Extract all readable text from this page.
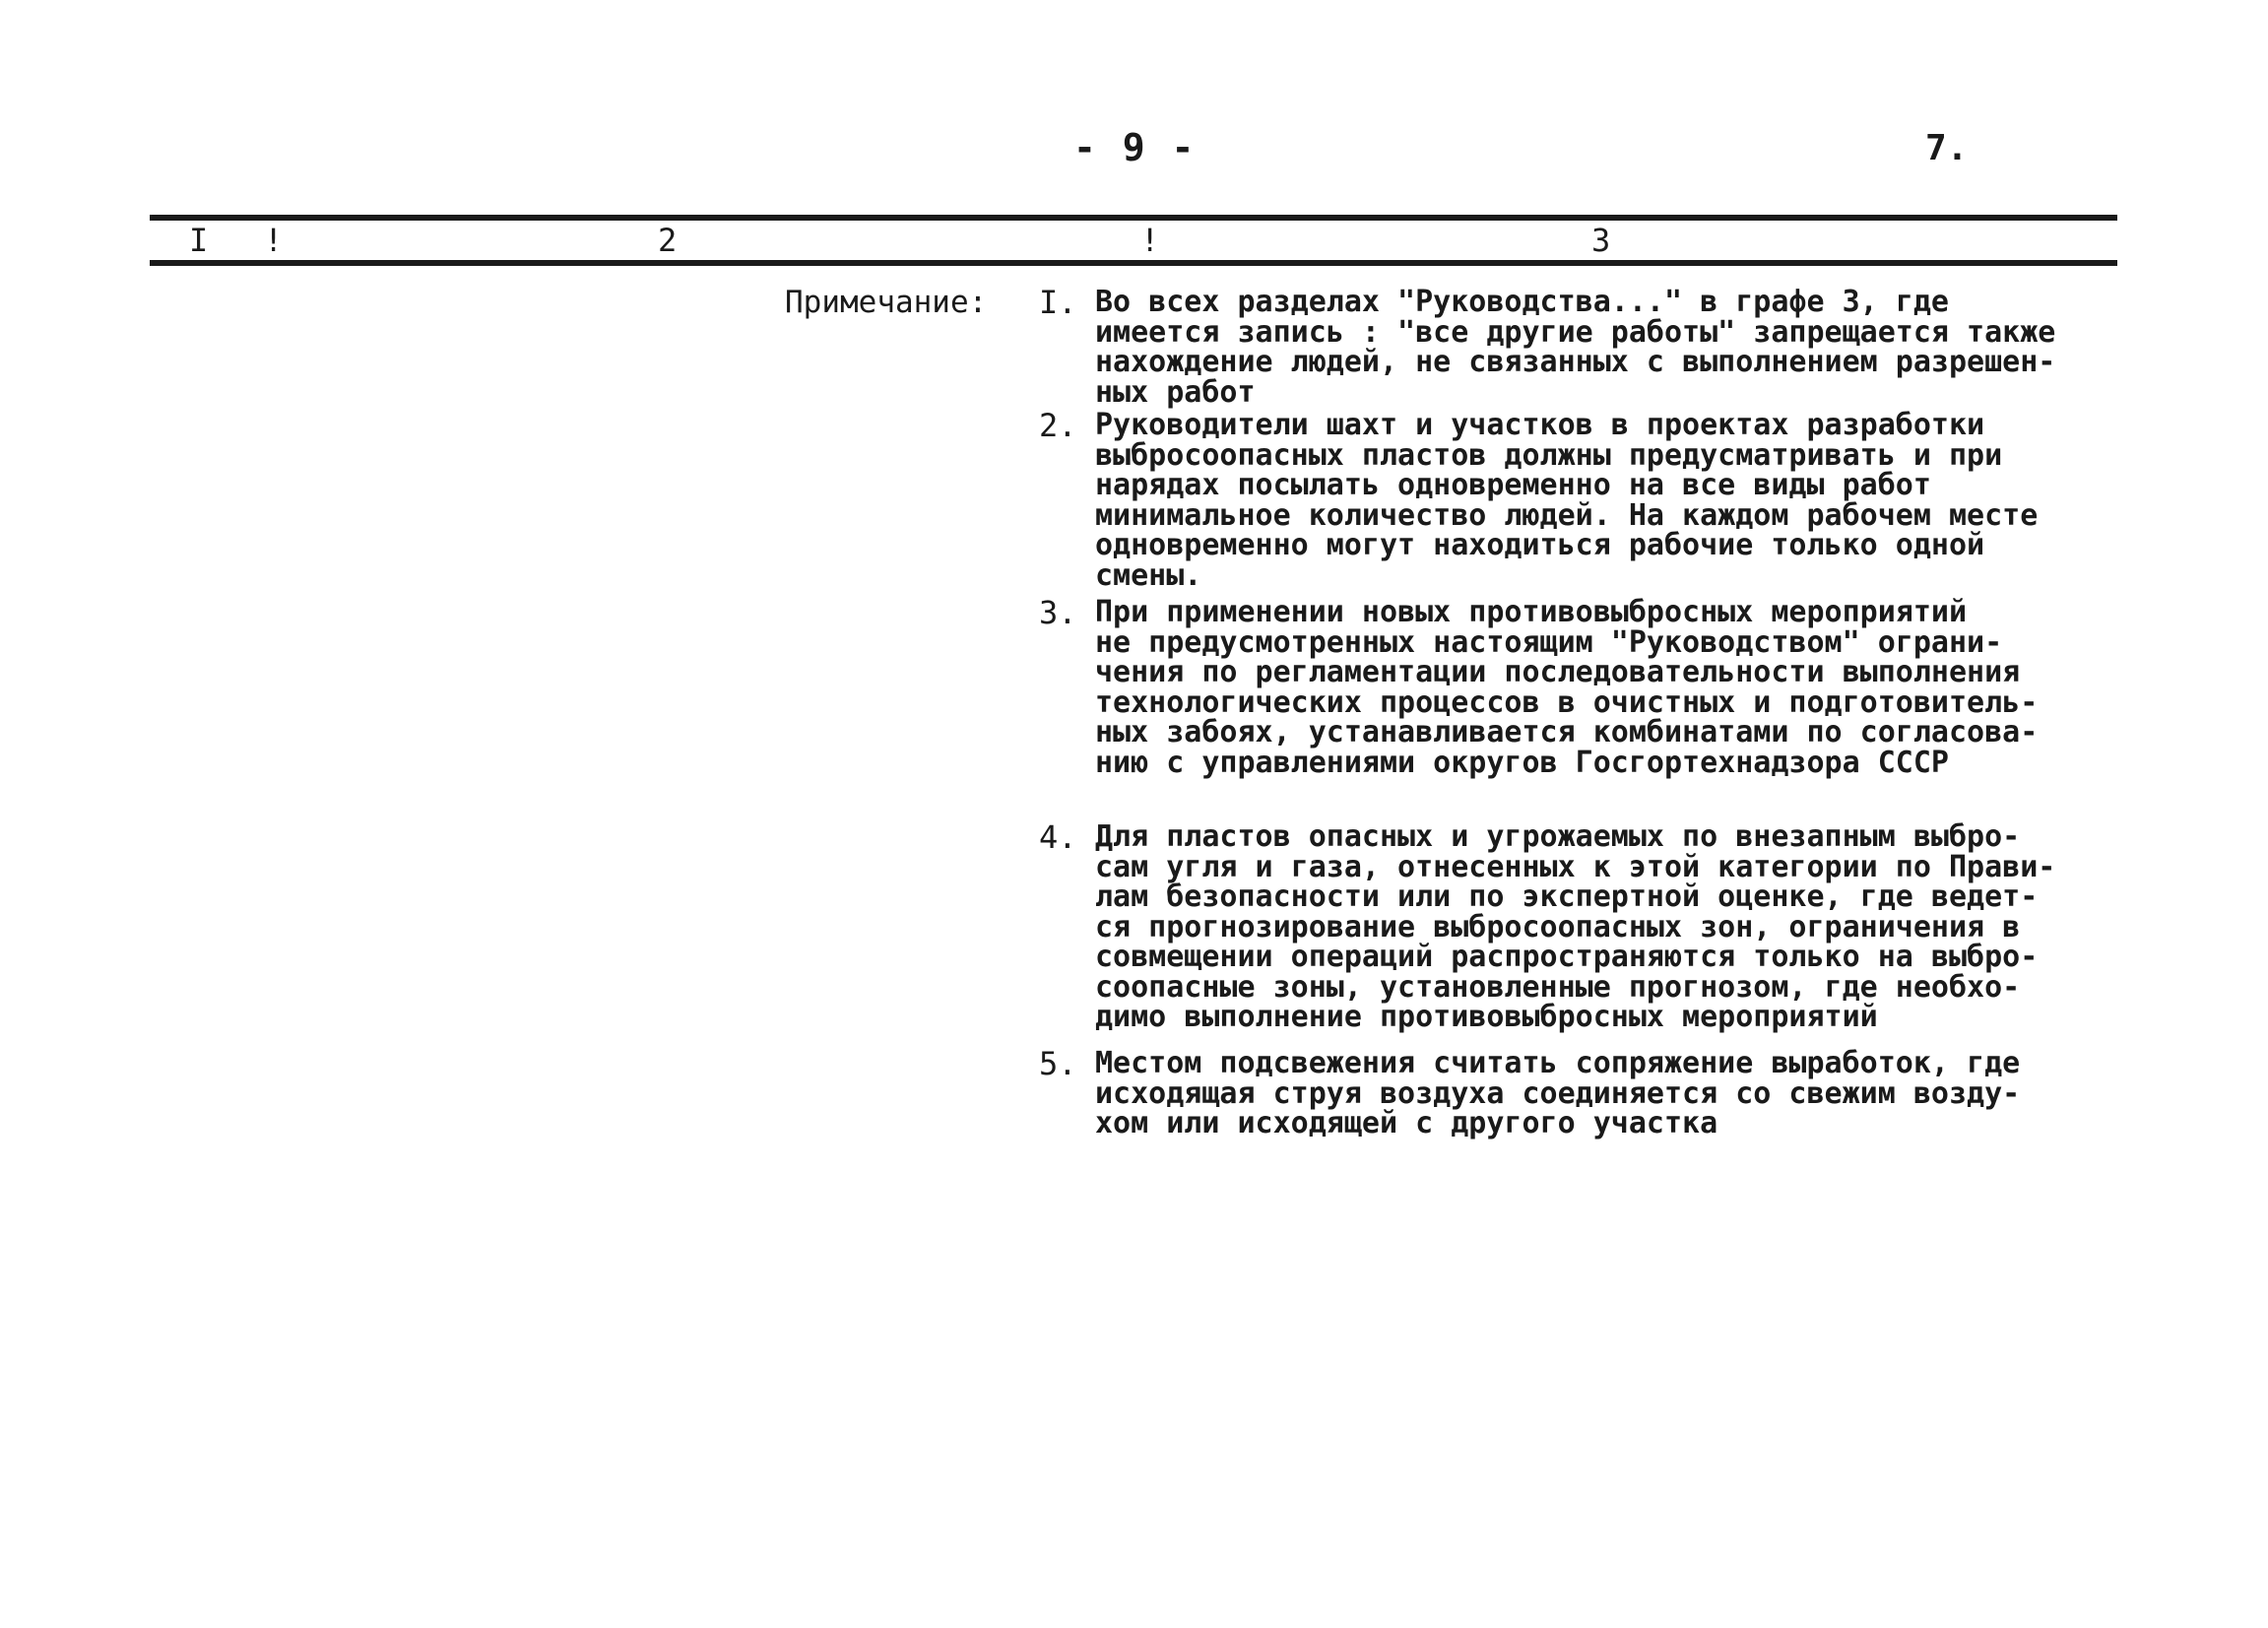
- 9 -	7.
I !	2	!	3
Примечание: I. Во всех разделах "Руководства..." в графе 3, где
имеется запись : "все другие работы" запрещается также
нахождение людей, не связанных с выполнением разрешен-
ных работ
2. Руководители шахт и участков в проектах разработки
выбросоопасных пластов должны предусматривать и при
нарядах посылать одновременно на все виды работ
минимальное количество людей. На каждом рабочем месте
одновременно могут находиться рабочие только одной
смены.
3. При применении новых противовыбросных мероприятий
не предусмотренных настоящим "Руководством" ограни-
чения по регламентации последовательности выполнения
технологических процессов в очистных и подготовитель-
ных забоях, устанавливается комбинатами по согласова-
нию с управлениями округов Госгортехнадзора СССР
4. Для пластов опасных и угрожаемых по внезапным выбро-
сам угля и газа, отнесенных к этой категории по Прави-
лам безопасности или по экспертной оценке, где ведет-
ся прогнозирование выбросоопасных зон, ограничения в
совмещении операций распространяются только на выбро-
соопасные зоны, установленные прогнозом, где необхо-
димо выполнение противовыбросных мероприятий
5. Местом подсвежения считать сопряжение выработок, где
исходящая струя воздуха соединяется со свежим возду-
хом или исходящей с другого участка
